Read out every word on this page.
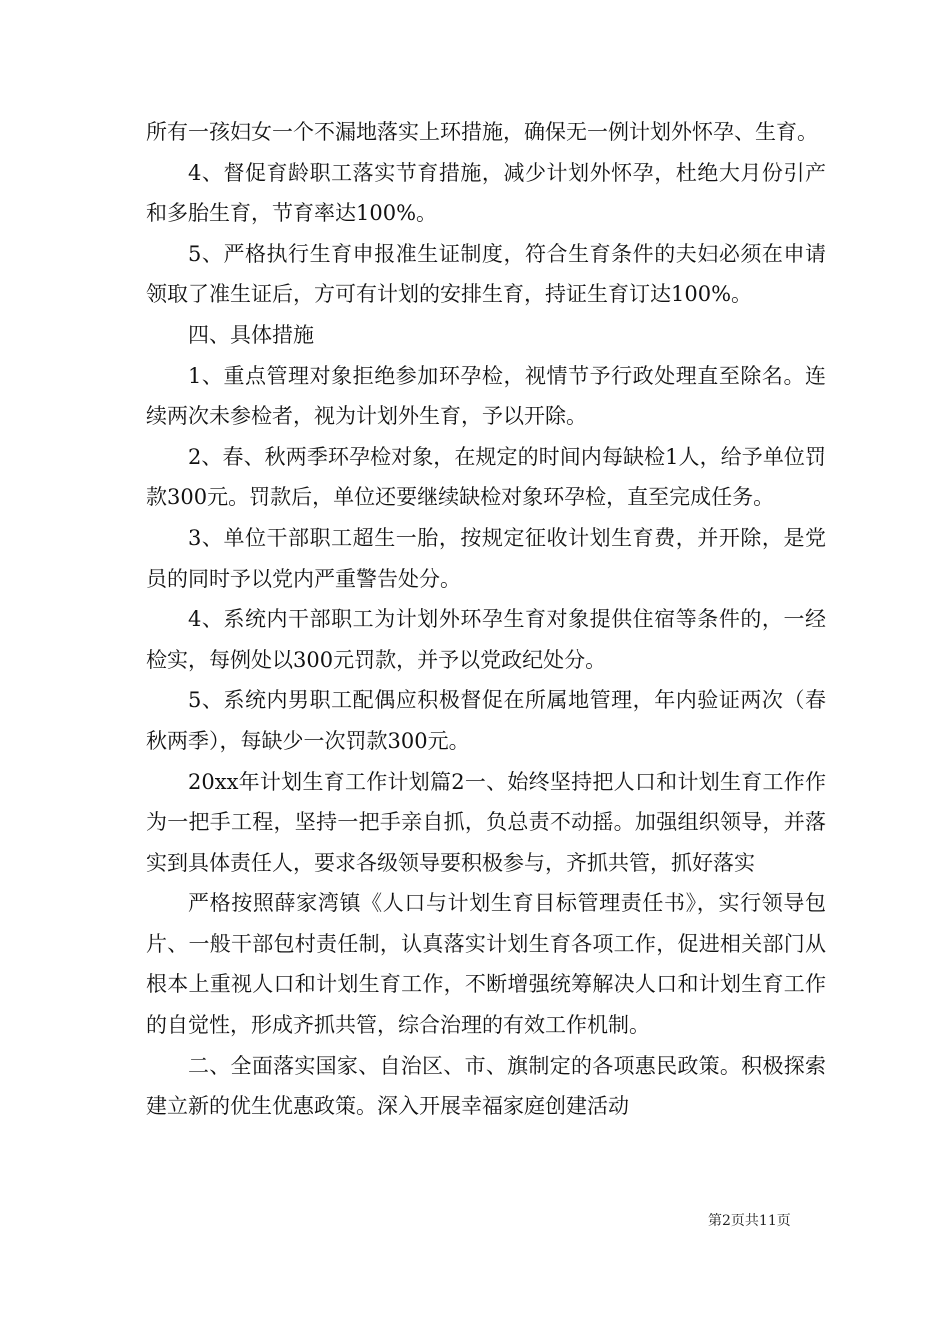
所有一孩妇女一个不漏地落实上环措施，确保无一例计划外怀孕、生育。

4、督促育龄职工落实节育措施，减少计划外怀孕，杜绝大月份引产和多胎生育，节育率达100%。

5、严格执行生育申报准生证制度，符合生育条件的夫妇必须在申请领取了准生证后，方可有计划的安排生育，持证生育订达100%。

四、具体措施

1、重点管理对象拒绝参加环孕检，视情节予行政处理直至除名。连续两次未参检者，视为计划外生育，予以开除。

2、春、秋两季环孕检对象，在规定的时间内每缺检1人，给予单位罚款300元。罚款后，单位还要继续缺检对象环孕检，直至完成任务。

3、单位干部职工超生一胎，按规定征收计划生育费，并开除，是党员的同时予以党内严重警告处分。

4、系统内干部职工为计划外环孕生育对象提供住宿等条件的，一经检实，每例处以300元罚款，并予以党政纪处分。

5、系统内男职工配偶应积极督促在所属地管理，年内验证两次（春秋两季），每缺少一次罚款300元。

20xx年计划生育工作计划篇2一、始终坚持把人口和计划生育工作作为一把手工程，坚持一把手亲自抓，负总责不动摇。加强组织领导，并落实到具体责任人，要求各级领导要积极参与，齐抓共管，抓好落实

严格按照薛家湾镇《人口与计划生育目标管理责任书》，实行领导包片、一般干部包村责任制，认真落实计划生育各项工作，促进相关部门从根本上重视人口和计划生育工作，不断增强统筹解决人口和计划生育工作的自觉性，形成齐抓共管，综合治理的有效工作机制。

二、全面落实国家、自治区、市、旗制定的各项惠民政策。积极探索建立新的优生优惠政策。深入开展幸福家庭创建活动

第2页共11页
